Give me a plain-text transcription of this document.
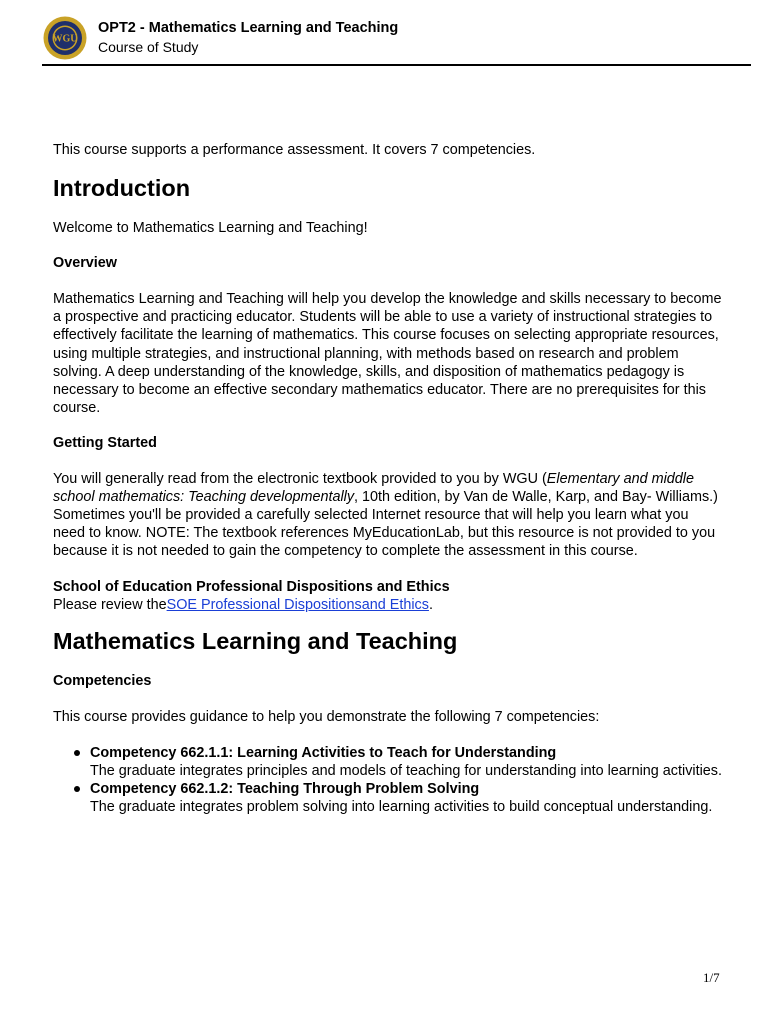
WGU
OPT2 - Mathematics Learning and Teaching
Course of Study

This course supports a performance assessment. It covers 7 competencies.

Introduction

Welcome to Mathematics Learning and Teaching!

Overview

Mathematics Learning and Teaching will help you develop the knowledge and skills necessary to become a prospective and practicing educator. Students will be able to use a variety of instructional strategies to effectively facilitate the learning of mathematics. This course focuses on selecting appropriate resources, using multiple strategies, and instructional planning, with methods based on research and problem solving. A deep understanding of the knowledge, skills, and disposition of mathematics pedagogy is necessary to become an effective secondary mathematics educator. There are no prerequisites for this course.

Getting Started

You will generally read from the electronic textbook provided to you by WGU (Elementary and middle school mathematics: Teaching developmentally, 10th edition, by Van de Walle, Karp, and Bay- Williams.) Sometimes you'll be provided a carefully selected Internet resource that will help you learn what you need to know. NOTE: The textbook references MyEducationLab, but this resource is not provided to you because it is not needed to gain the competency to complete the assessment in this course.

School of Education Professional Dispositions and Ethics

Please review theSOE Professional Dispositionsand Ethics.

Mathematics Learning and Teaching

Competencies

This course provides guidance to help you demonstrate the following 7 competencies:

Competency 662.1.1: Learning Activities to Teach for Understanding
The graduate integrates principles and models of teaching for understanding into learning activities.
Competency 662.1.2: Teaching Through Problem Solving
The graduate integrates problem solving into learning activities to build conceptual understanding.
1/7
